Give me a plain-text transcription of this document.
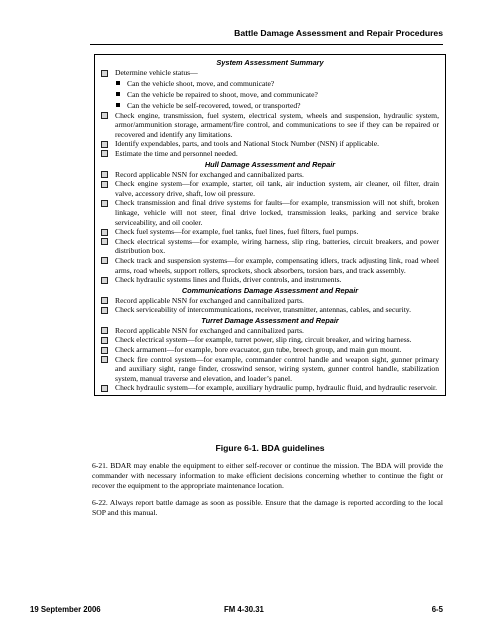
Battle Damage Assessment and Repair Procedures
System Assessment Summary
Determine vehicle status—
Can the vehicle shoot, move, and communicate?
Can the vehicle be repaired to shoot, move, and communicate?
Can the vehicle be self-recovered, towed, or transported?
Check engine, transmission, fuel system, electrical system, wheels and suspension, hydraulic system, armor/ammunition storage, armament/fire control, and communications to see if they can be repaired or recovered and identify any limitations.
Identify expendables, parts, and tools and National Stock Number (NSN) if applicable.
Estimate the time and personnel needed.
Hull Damage Assessment and Repair
Record applicable NSN for exchanged and cannibalized parts.
Check engine system—for example, starter, oil tank, air induction system, air cleaner, oil filter, drain valve, accessory drive, shaft, low oil pressure.
Check transmission and final drive systems for faults—for example, transmission will not shift, broken linkage, vehicle will not steer, final drive locked, transmission leaks, parking and service brake serviceability, and oil cooler.
Check fuel systems—for example, fuel tanks, fuel lines, fuel filters, fuel pumps.
Check electrical systems—for example, wiring harness, slip ring, batteries, circuit breakers, and power distribution box.
Check track and suspension systems—for example, compensating idlers, track adjusting link, road wheel arms, road wheels, support rollers, sprockets, shock absorbers, torsion bars, and track assembly.
Check hydraulic systems lines and fluids, driver controls, and instruments.
Communications Damage Assessment and Repair
Record applicable NSN for exchanged and cannibalized parts.
Check serviceability of intercommunications, receiver, transmitter, antennas, cables, and security.
Turret Damage Assessment and Repair
Record applicable NSN for exchanged and cannibalized parts.
Check electrical system—for example, turret power, slip ring, circuit breaker, and wiring harness.
Check armament—for example, bore evacuator, gun tube, breech group, and main gun mount.
Check fire control system—for example, commander control handle and weapon sight, gunner primary and auxiliary sight, range finder, crosswind sensor, wiring system, gunner control handle, stabilization system, manual traverse and elevation, and loader’s panel.
Check hydraulic system—for example, auxiliary hydraulic pump, hydraulic fluid, and hydraulic reservoir.
Figure 6-1. BDA guidelines

6-21. BDAR may enable the equipment to either self-recover or continue the mission. The BDA will provide the commander with necessary information to make efficient decisions concerning whether to continue the fight or recover the equipment to the appropriate maintenance location.

6-22. Always report battle damage as soon as possible. Ensure that the damage is reported according to the local SOP and this manual.

19 September 2006	FM 4-30.31	6-5
